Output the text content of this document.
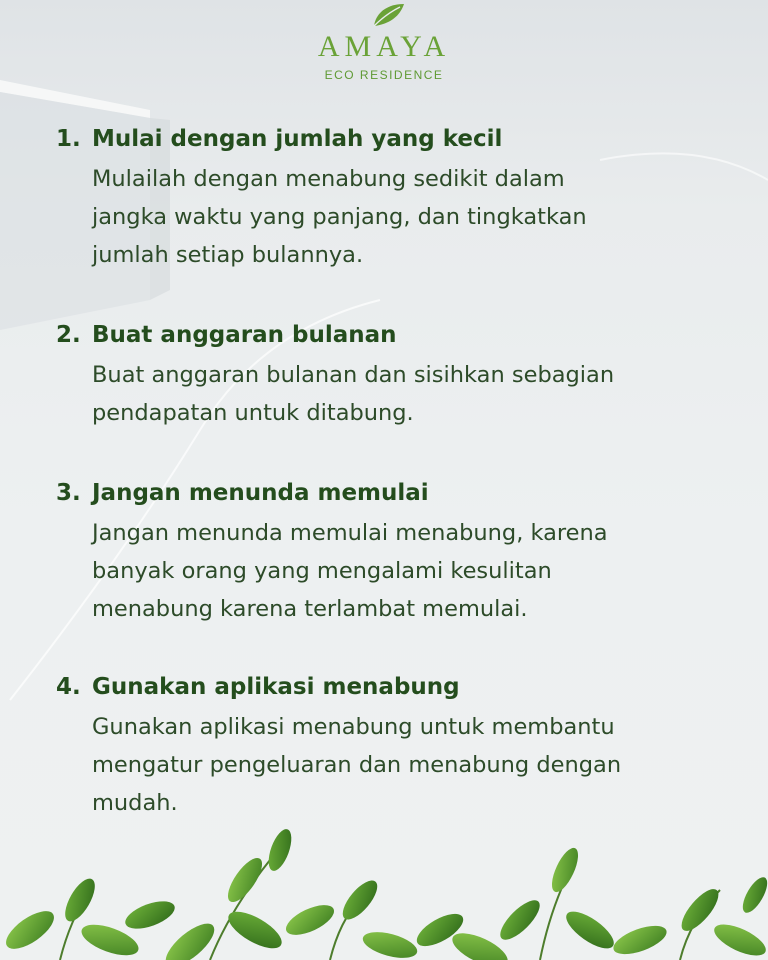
AMAYA
ECO RESIDENCE
1. Mulai dengan jumlah yang kecil
Mulailah dengan menabung sedikit dalam
jangka waktu yang panjang, dan tingkatkan
jumlah setiap bulannya.
2. Buat anggaran bulanan
Buat anggaran bulanan dan sisihkan sebagian
pendapatan untuk ditabung.
3. Jangan menunda memulai
Jangan menunda memulai menabung, karena
banyak orang yang mengalami kesulitan
menabung karena terlambat memulai.
4. Gunakan aplikasi menabung
Gunakan aplikasi menabung untuk membantu
mengatur pengeluaran dan menabung dengan
mudah.
